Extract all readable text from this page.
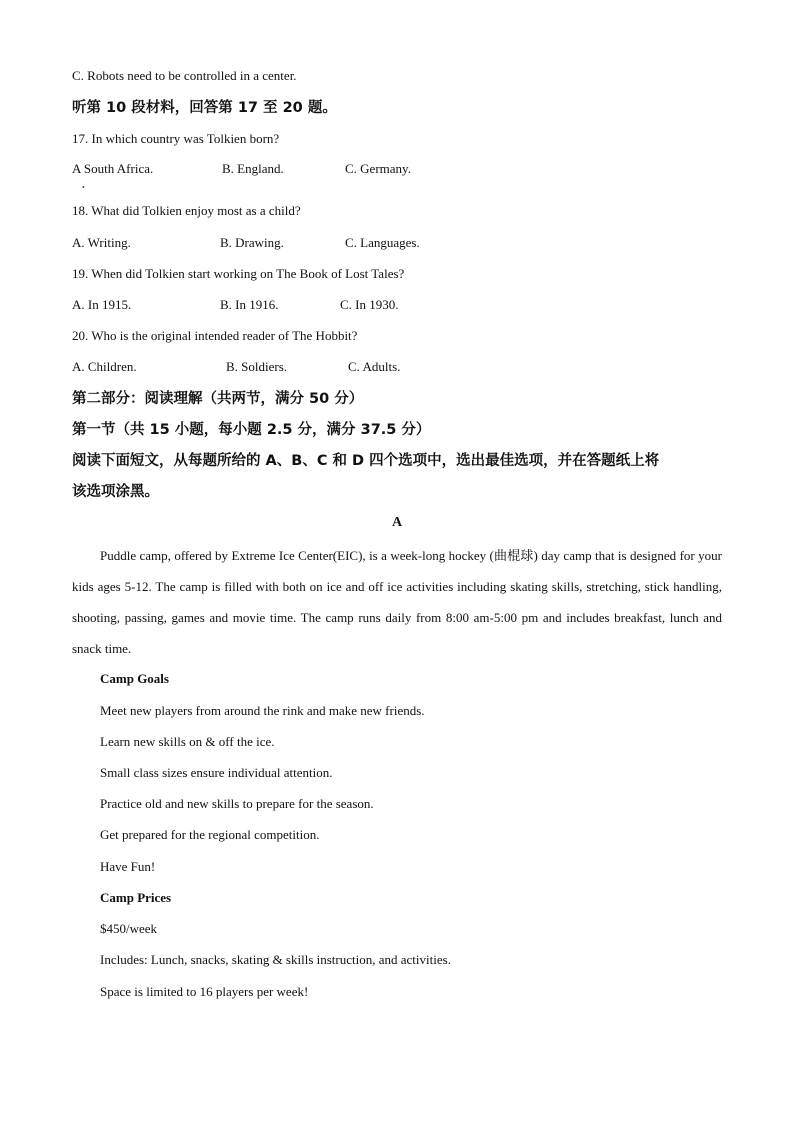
C. Robots need to be controlled in a center.
听第 10 段材料，回答第 17 至 20 题。
17. In which country was Tolkien born?
A South Africa.	B. England.	C. Germany.
•
18. What did Tolkien enjoy most as a child?
A. Writing.	B. Drawing.	C. Languages.
19. When did Tolkien start working on The Book of Lost Tales?
A. In 1915.	B. In 1916.	C. In 1930.
20. Who is the original intended reader of The Hobbit?
A. Children.	B. Soldiers.	C. Adults.
第二部分：阅读理解（共两节，满分 50 分）
第一节（共 15 小题，每小题 2.5 分，满分 37.5 分）
阅读下面短文，从每题所给的 A、B、C 和 D 四个选项中，选出最佳选项，并在答题纸上将
该选项涂黑。
A

Puddle camp, offered by Extreme Ice Center(EIC), is a week-long hockey (曲棍球) day camp that is designed for your kids ages 5-12. The camp is filled with both on ice and off ice activities including skating skills, stretching, stick handling, shooting, passing, games and movie time. The camp runs daily from 8:00 am-5:00 pm and includes breakfast, lunch and snack time.

Camp Goals
Meet new players from around the rink and make new friends.
Learn new skills on & off the ice.
Small class sizes ensure individual attention.
Practice old and new skills to prepare for the season.
Get prepared for the regional competition.
Have Fun!
Camp Prices
$450/week
Includes: Lunch, snacks, skating & skills instruction, and activities.
Space is limited to 16 players per week!
